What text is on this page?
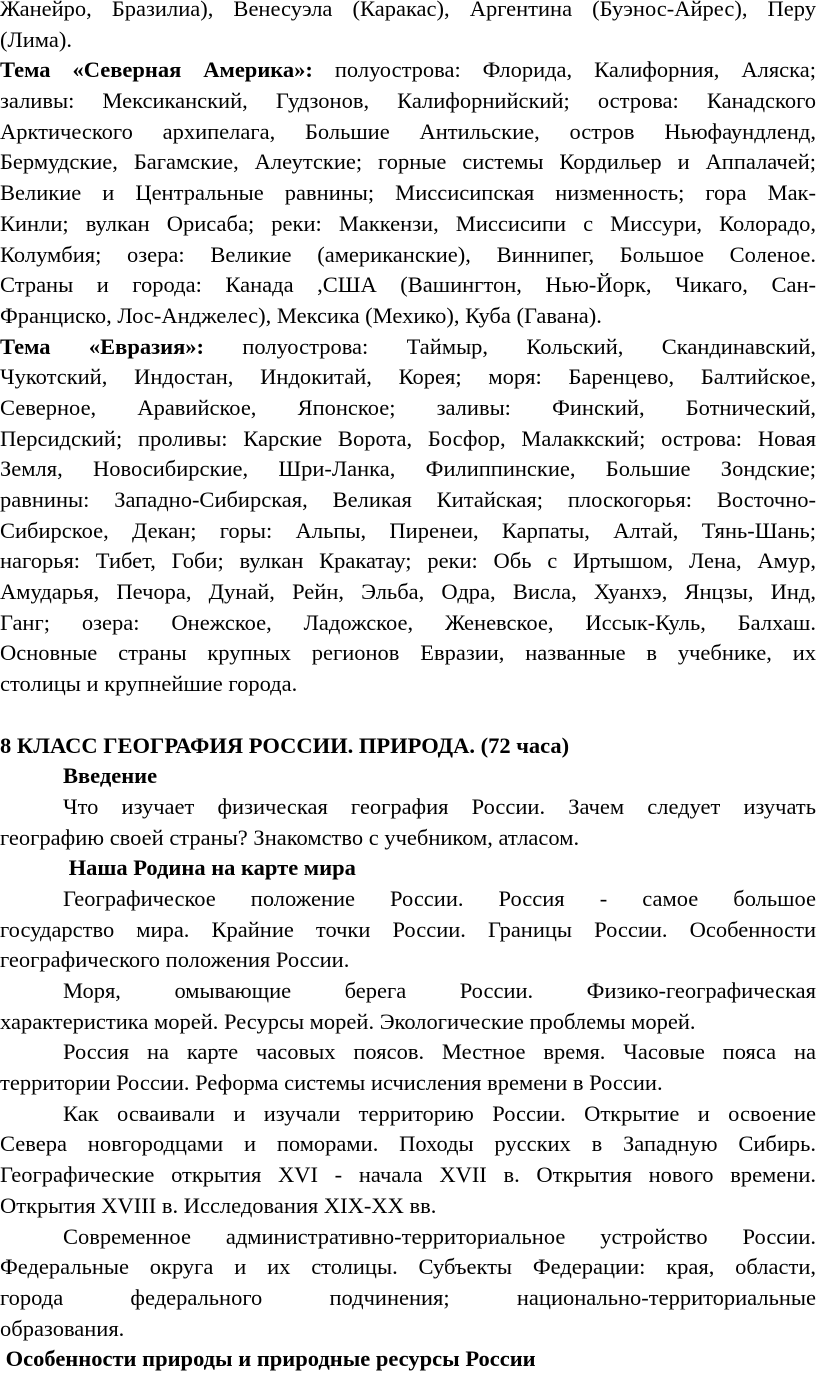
Жанейро, Бразилиа), Венесуэла (Каракас), Аргентина (Буэнос-Айрес), Перу
(Лима).
Тема «Северная Америка»: полуострова: Флорида, Калифорния, Аляска;
заливы: Мексиканский, Гудзонов, Калифорнийский; острова: Канадского
Арктического архипелага, Большие Антильские, остров Ньюфаундленд,
Бермудские, Багамские, Алеутские; горные системы Кордильер и Аппалачей;
Великие и Центральные равнины; Миссисипская низменность; гора Мак-
Кинли; вулкан Орисаба; реки: Маккензи, Миссисипи с Миссури, Колорадо,
Колумбия; озера: Великие (американские), Виннипег, Большое Соленое.
Страны и города: Канада ,США (Вашингтон, Нью-Йорк, Чикаго, Сан-
Франциско, Лос-Анджелес), Мексика (Мехико), Куба (Гавана).
Тема «Евразия»: полуострова: Таймыр, Кольский, Скандинавский,
Чукотский, Индостан, Индокитай, Корея; моря: Баренцево, Балтийское,
Северное, Аравийское, Японское; заливы: Финский, Ботнический,
Персидский; проливы: Карские Ворота, Босфор, Малаккский; острова: Новая
Земля, Новосибирские, Шри-Ланка, Филиппинские, Большие Зондские;
равнины: Западно-Сибирская, Великая Китайская; плоскогорья: Восточно-
Сибирское, Декан; горы: Альпы, Пиренеи, Карпаты, Алтай, Тянь-Шань;
нагорья: Тибет, Гоби; вулкан Кракатау; реки: Обь с Иртышом, Лена, Амур,
Амударья, Печора, Дунай, Рейн, Эльба, Одра, Висла, Хуанхэ, Янцзы, Инд,
Ганг; озера: Онежское, Ладожское, Женевское, Иссык-Куль, Балхаш.
Основные страны крупных регионов Евразии, названные в учебнике, их
столицы и крупнейшие города.
8 КЛАСС ГЕОГРАФИЯ РОССИИ. ПРИРОДА. (72 часа)
Введение
Что изучает физическая география России. Зачем следует изучать
географию своей страны? Знакомство с учебником, атласом.
Наша Родина на карте мира
Географическое положение России. Россия - самое большое
государство мира. Крайние точки России. Границы России. Особенности
географического положения России.
Моря, омывающие берега России. Физико-географическая
характеристика морей. Ресурсы морей. Экологические проблемы морей.
Россия на карте часовых поясов. Местное время. Часовые пояса на
территории России. Реформа системы исчисления времени в России.
Как осваивали и изучали территорию России. Открытие и освоение
Севера новгородцами и поморами. Походы русских в Западную Сибирь.
Географические открытия XVI - начала XVII в. Открытия нового времени.
Открытия XVIII в. Исследования XIX-XX вв.
Современное административно-территориальное устройство России.
Федеральные округа и их столицы. Субъекты Федерации: края, области,
города федерального подчинения; национально-территориальные
образования.
Особенности природы и природные ресурсы России
